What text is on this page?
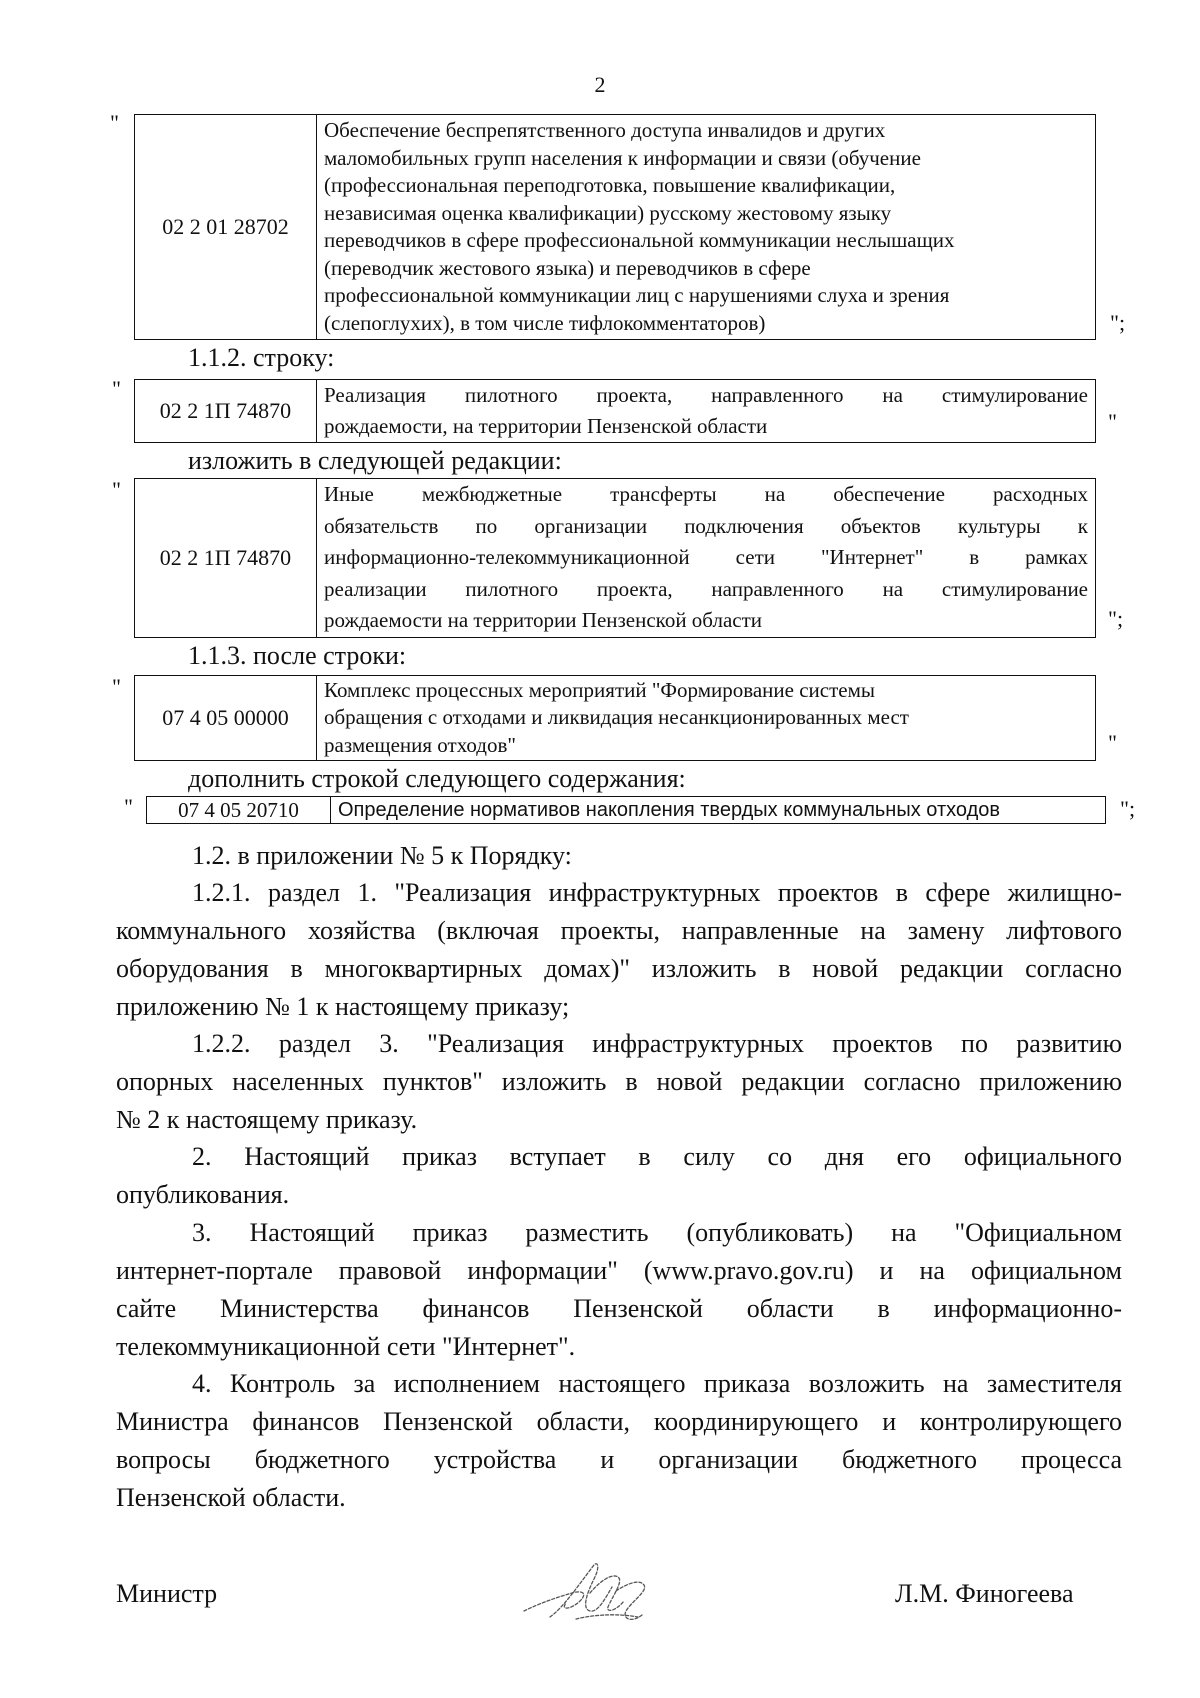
2
"
02 2 01 28702	
Обеспечение беспрепятственного доступа инвалидов и других
маломобильных групп населения к информации и связи (обучение
(профессиональная переподготовка, повышение квалификации,
независимая оценка квалификации) русскому жестовому языку
переводчиков в сфере профессиональной коммуникации неслышащих
(переводчик жестового языка) и переводчиков в сфере
профессиональной коммуникации лиц с нарушениями слуха и зрения
(слепоглухих), в том числе тифлокомментаторов)	";
1.1.2. строку:
"
02 2 1П 74870	
Реализация пилотного проекта, направленного на стимулирование
рождаемости, на территории Пензенской области	"
изложить в следующей редакции:
"
02 2 1П 74870	
Иные межбюджетные трансферты на обеспечение расходных
обязательств по организации подключения объектов культуры к
информационно-телекоммуникационной сети "Интернет" в рамках
реализации пилотного проекта, направленного на стимулирование
рождаемости на территории Пензенской области	";
1.1.3. после строки:
"
07 4 05 00000	
Комплекс процессных мероприятий "Формирование системы
обращения с отходами и ликвидация несанкционированных мест
размещения отходов"	"
дополнить строкой следующего содержания:
" 07 4 05 20710	Определение нормативов накопления твердых коммунальных отходов	";

1.2. в приложении № 5 к Порядку:

1.2.1. раздел 1. "Реализация инфраструктурных проектов в сфере жилищно-
коммунального хозяйства (включая проекты, направленные на замену лифтового
оборудования в многоквартирных домах)" изложить в новой редакции согласно
приложению № 1 к настоящему приказу;

1.2.2. раздел 3. "Реализация инфраструктурных проектов по развитию
опорных населенных пунктов" изложить в новой редакции согласно приложению
№ 2 к настоящему приказу.

2. Настоящий приказ вступает в силу со дня его официального
опубликования.

3. Настоящий приказ разместить (опубликовать) на "Официальном
интернет-портале правовой информации" (www.pravo.gov.ru) и на официальном
сайте Министерства финансов Пензенской области в информационно-
телекоммуникационной сети "Интернет".

4. Контроль за исполнением настоящего приказа возложить на заместителя
Министра финансов Пензенской области, координирующего и контролирующего
вопросы бюджетного устройства и организации бюджетного процесса
Пензенской области.

Министр	Л.М. Финогеева
